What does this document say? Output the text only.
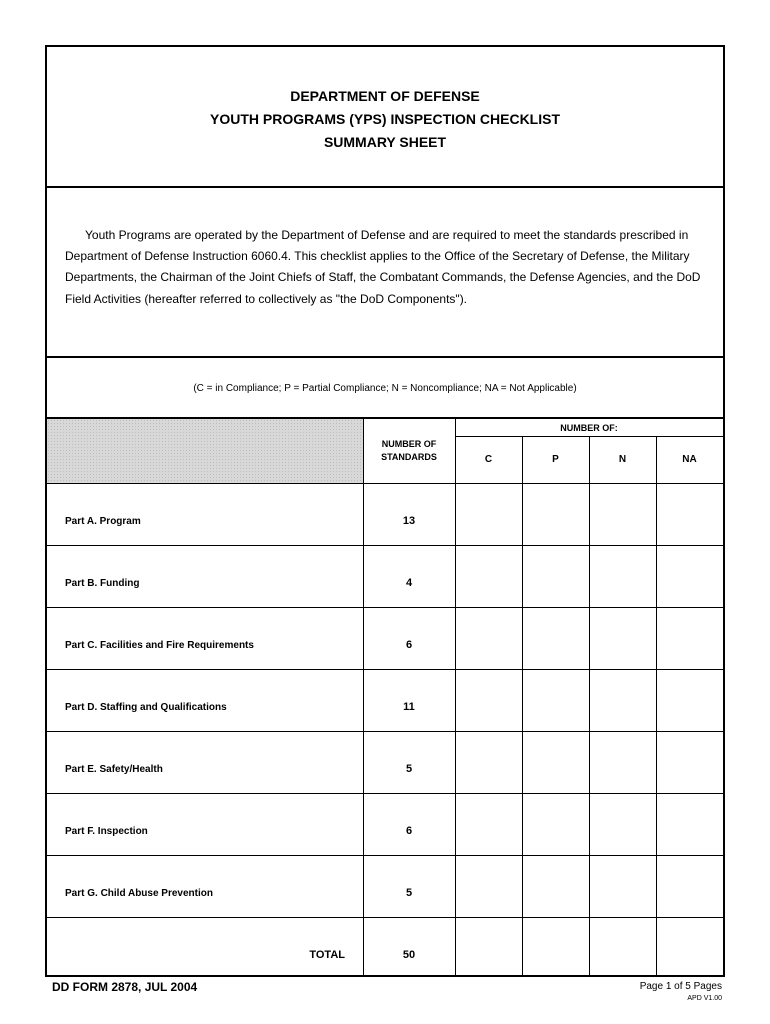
DEPARTMENT OF DEFENSE
YOUTH PROGRAMS (YPS) INSPECTION CHECKLIST
SUMMARY SHEET

Youth Programs are operated by the Department of Defense and are required to meet the standards prescribed in Department of Defense Instruction 6060.4. This checklist applies to the Office of the Secretary of Defense, the Military Departments, the Chairman of the Joint Chiefs of Staff, the Combatant Commands, the Defense Agencies, and the DoD Field Activities (hereafter referred to collectively as "the DoD Components").

(C = in Compliance; P = Partial Compliance; N = Noncompliance; NA = Not Applicable)
NUMBER OF
STANDARDS
NUMBER OF:
C	P	N	NA
Part A. Program	13
Part B. Funding	4
Part C. Facilities and Fire Requirements	6
Part D. Staffing and Qualifications	11
Part E. Safety/Health	5
Part F. Inspection	6
Part G. Child Abuse Prevention	5
TOTAL	50
DD FORM 2878, JUL 2004	Page 1 of 5 Pages
APD V1.00
